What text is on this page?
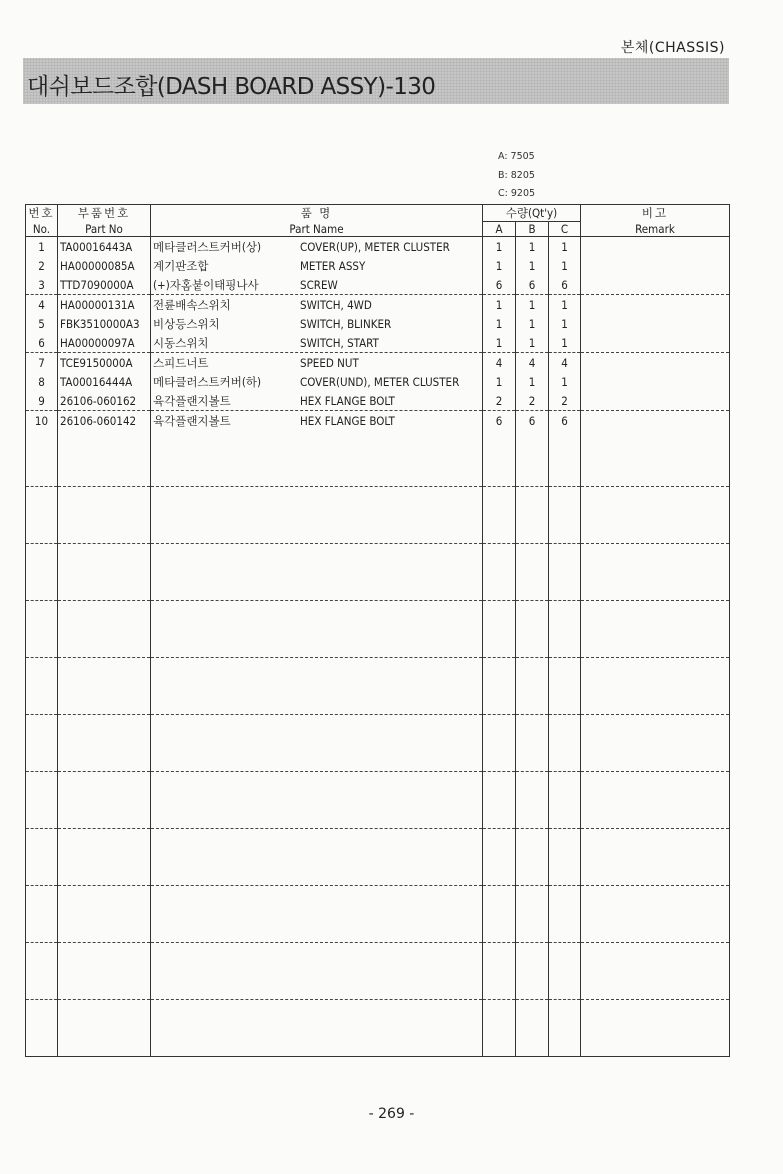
본체(CHASSIS)
대쉬보드조합(DASH BOARD ASSY)-130
A: 7505
B: 8205
C: 9205
번호	부품번호	품 명	수량(Qt'y)			비고
No.	Part No	Part Name	A	B	C	Remark
1	TA00016443A	메타클러스트커버(상) COVER(UP), METER CLUSTER	1	1	1	
2	HA00000085A	계기판조합 METER ASSY	1	1	1	
3	TTD7090000A	(+)자홈붙이태핑나사 SCREW	6	6	6	
4	HA00000131A	전륜배속스위치 SWITCH, 4WD	1	1	1	
5	FBK3510000A3	비상등스위치 SWITCH, BLINKER	1	1	1	
6	HA00000097A	시동스위치 SWITCH, START	1	1	1	
7	TCE9150000A	스피드너트 SPEED NUT	4	4	4	
8	TA00016444A	메타클러스트커버(하) COVER(UND), METER CLUSTER	1	1	1	
9	26106-060162	육각플랜지볼트 HEX FLANGE BOLT	2	2	2	
10	26106-060142	육각플랜지볼트 HEX FLANGE BOLT	6	6	6	

- 269 -
